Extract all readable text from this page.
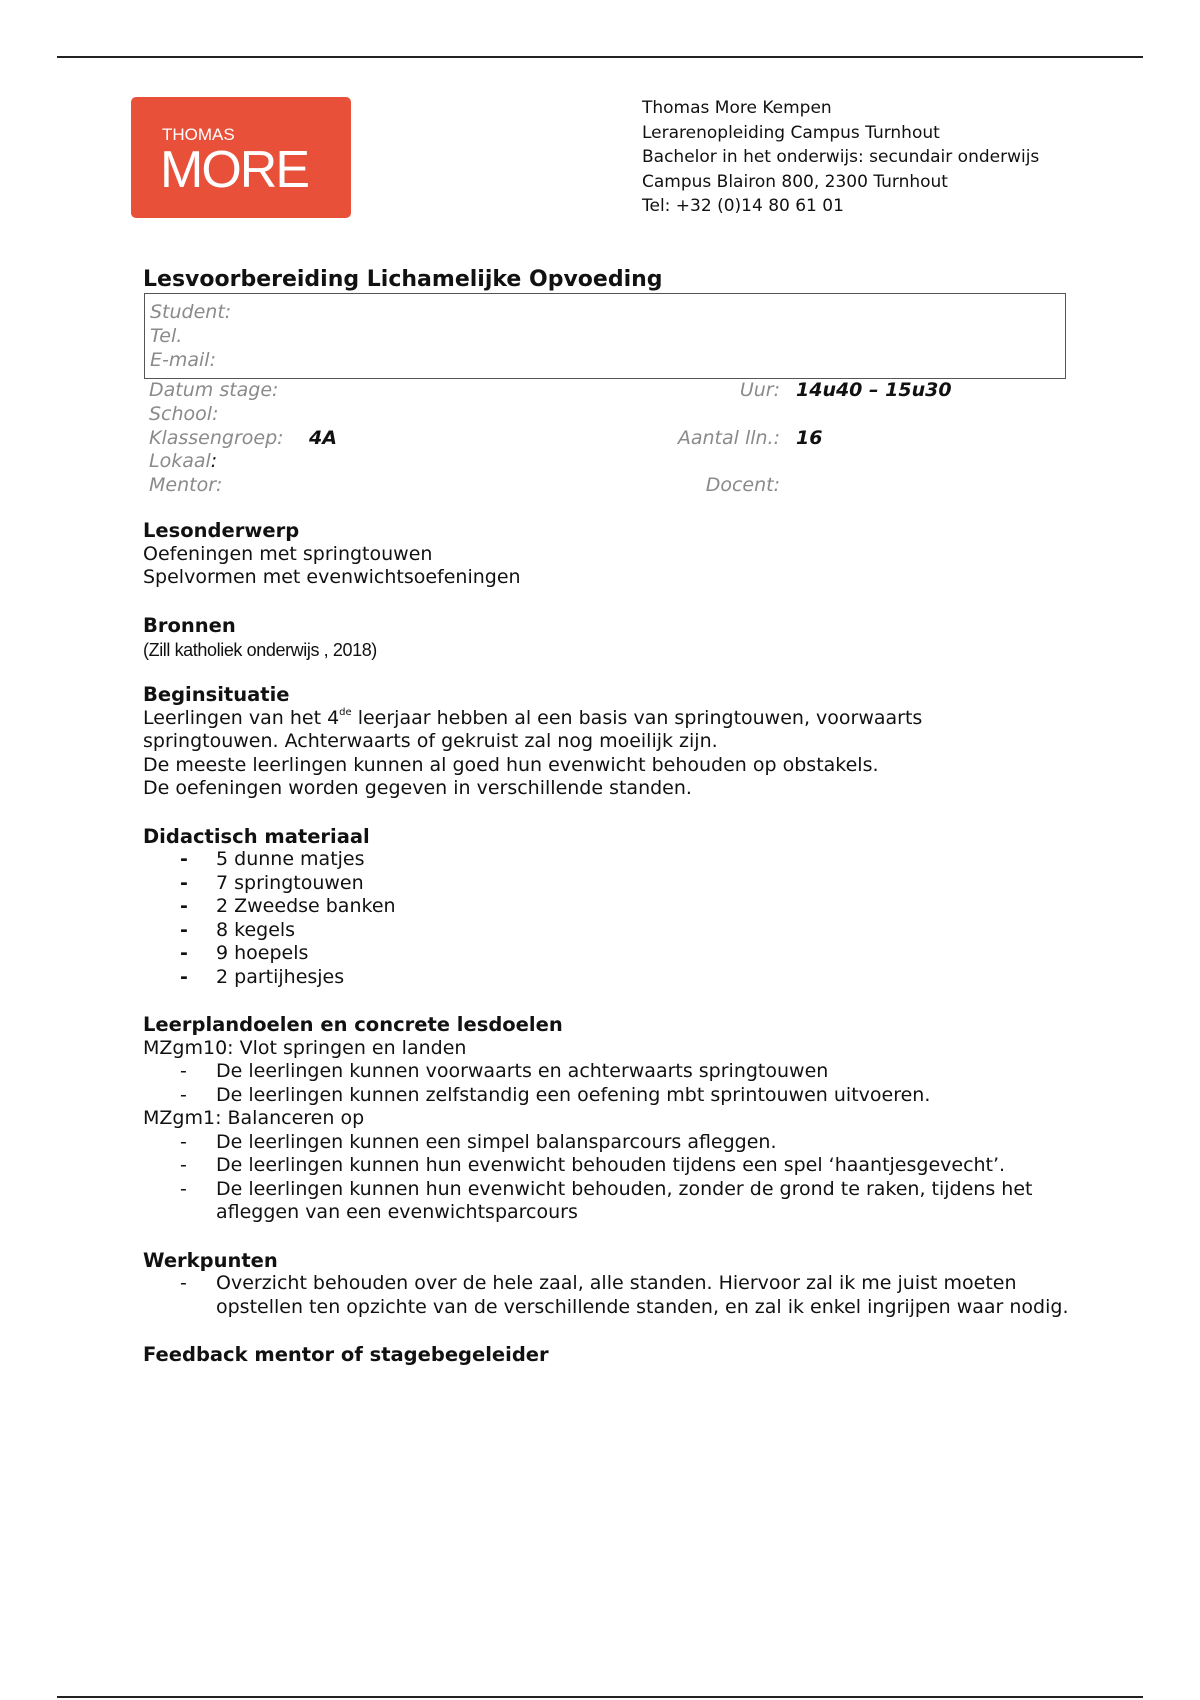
THOMAS
MORE
Thomas More Kempen
Lerarenopleiding Campus Turnhout
Bachelor in het onderwijs: secundair onderwijs
Campus Blairon 800, 2300 Turnhout
Tel: +32 (0)14 80 61 01
Lesvoorbereiding Lichamelijke Opvoeding
Student:
Tel.
E-mail:
Datum stage:
School:
Klassengroep: 4A
Lokaal:
Mentor:
Uur: 14u40 – 15u30
Aantal lln.: 16
Docent:
Lesonderwerp
Oefeningen met springtouwen
Spelvormen met evenwichtsoefeningen
Bronnen
(Zill katholiek onderwijs , 2018)
Beginsituatie
Leerlingen van het 4de leerjaar hebben al een basis van springtouwen, voorwaarts
springtouwen. Achterwaarts of gekruist zal nog moeilijk zijn.
De meeste leerlingen kunnen al goed hun evenwicht behouden op obstakels.
De oefeningen worden gegeven in verschillende standen.
Didactisch materiaal
- 5 dunne matjes
- 7 springtouwen
- 2 Zweedse banken
- 8 kegels
- 9 hoepels
- 2 partijhesjes
Leerplandoelen en concrete lesdoelen
MZgm10: Vlot springen en landen
- De leerlingen kunnen voorwaarts en achterwaarts springtouwen
- De leerlingen kunnen zelfstandig een oefening mbt sprintouwen uitvoeren.
MZgm1: Balanceren op
- De leerlingen kunnen een simpel balansparcours afleggen.
- De leerlingen kunnen hun evenwicht behouden tijdens een spel ‘haantjesgevecht’.
- De leerlingen kunnen hun evenwicht behouden, zonder de grond te raken, tijdens het afleggen van een evenwichtsparcours
Werkpunten
- Overzicht behouden over de hele zaal, alle standen. Hiervoor zal ik me juist moeten opstellen ten opzichte van de verschillende standen, en zal ik enkel ingrijpen waar nodig.
Feedback mentor of stagebegeleider
